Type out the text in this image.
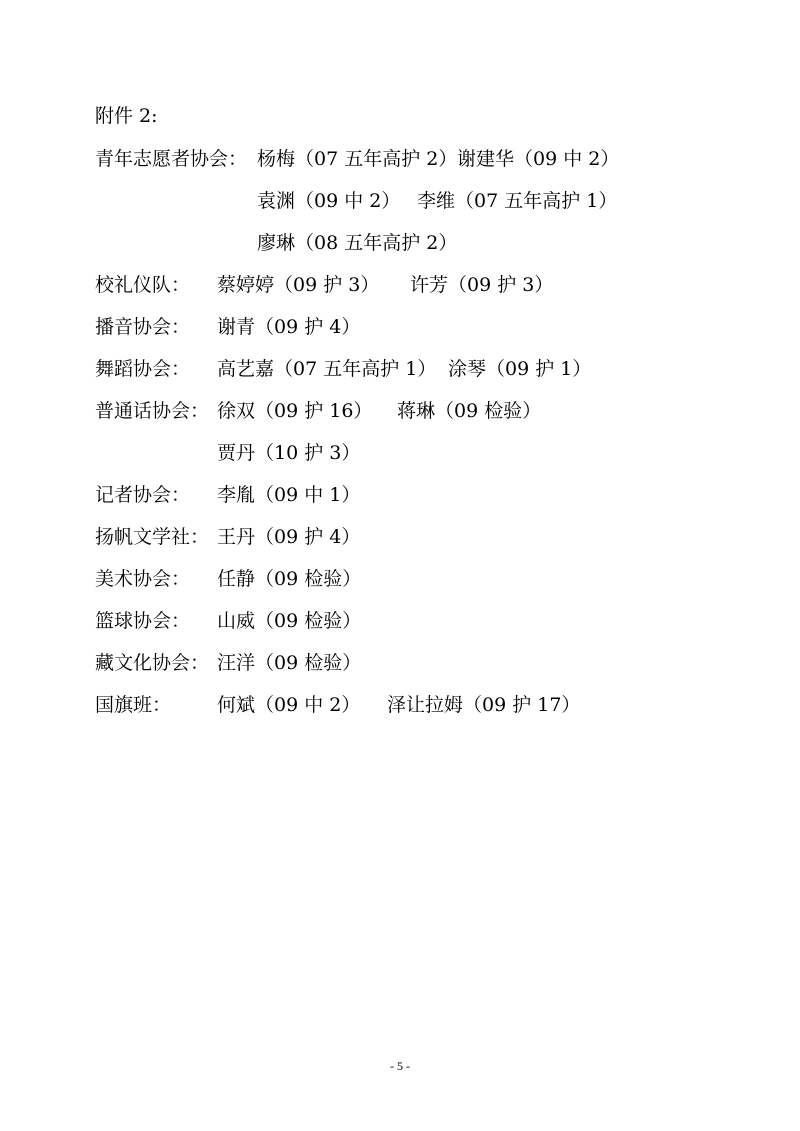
附件 2:
青年志愿者协会： 杨梅（07 五年高护 2） 谢建华（09 中 2）
袁渊（09 中 2） 李维（07 五年高护 1）
廖琳（08 五年高护 2）
校礼仪队： 蔡婷婷（09 护 3） 许芳（09 护 3）
播音协会： 谢青（09 护 4）
舞蹈协会： 高艺嘉（07 五年高护 1） 涂琴（09 护 1）
普通话协会： 徐双（09 护 16） 蒋琳（09 检验）
贾丹（10 护 3）
记者协会： 李胤（09 中 1）
扬帆文学社： 王丹（09 护 4）
美术协会： 任静（09 检验）
篮球协会： 山威（09 检验）
藏文化协会： 汪洋（09 检验）
国旗班： 何斌（09 中 2） 泽让拉姆（09 护 17）
- 5 -
